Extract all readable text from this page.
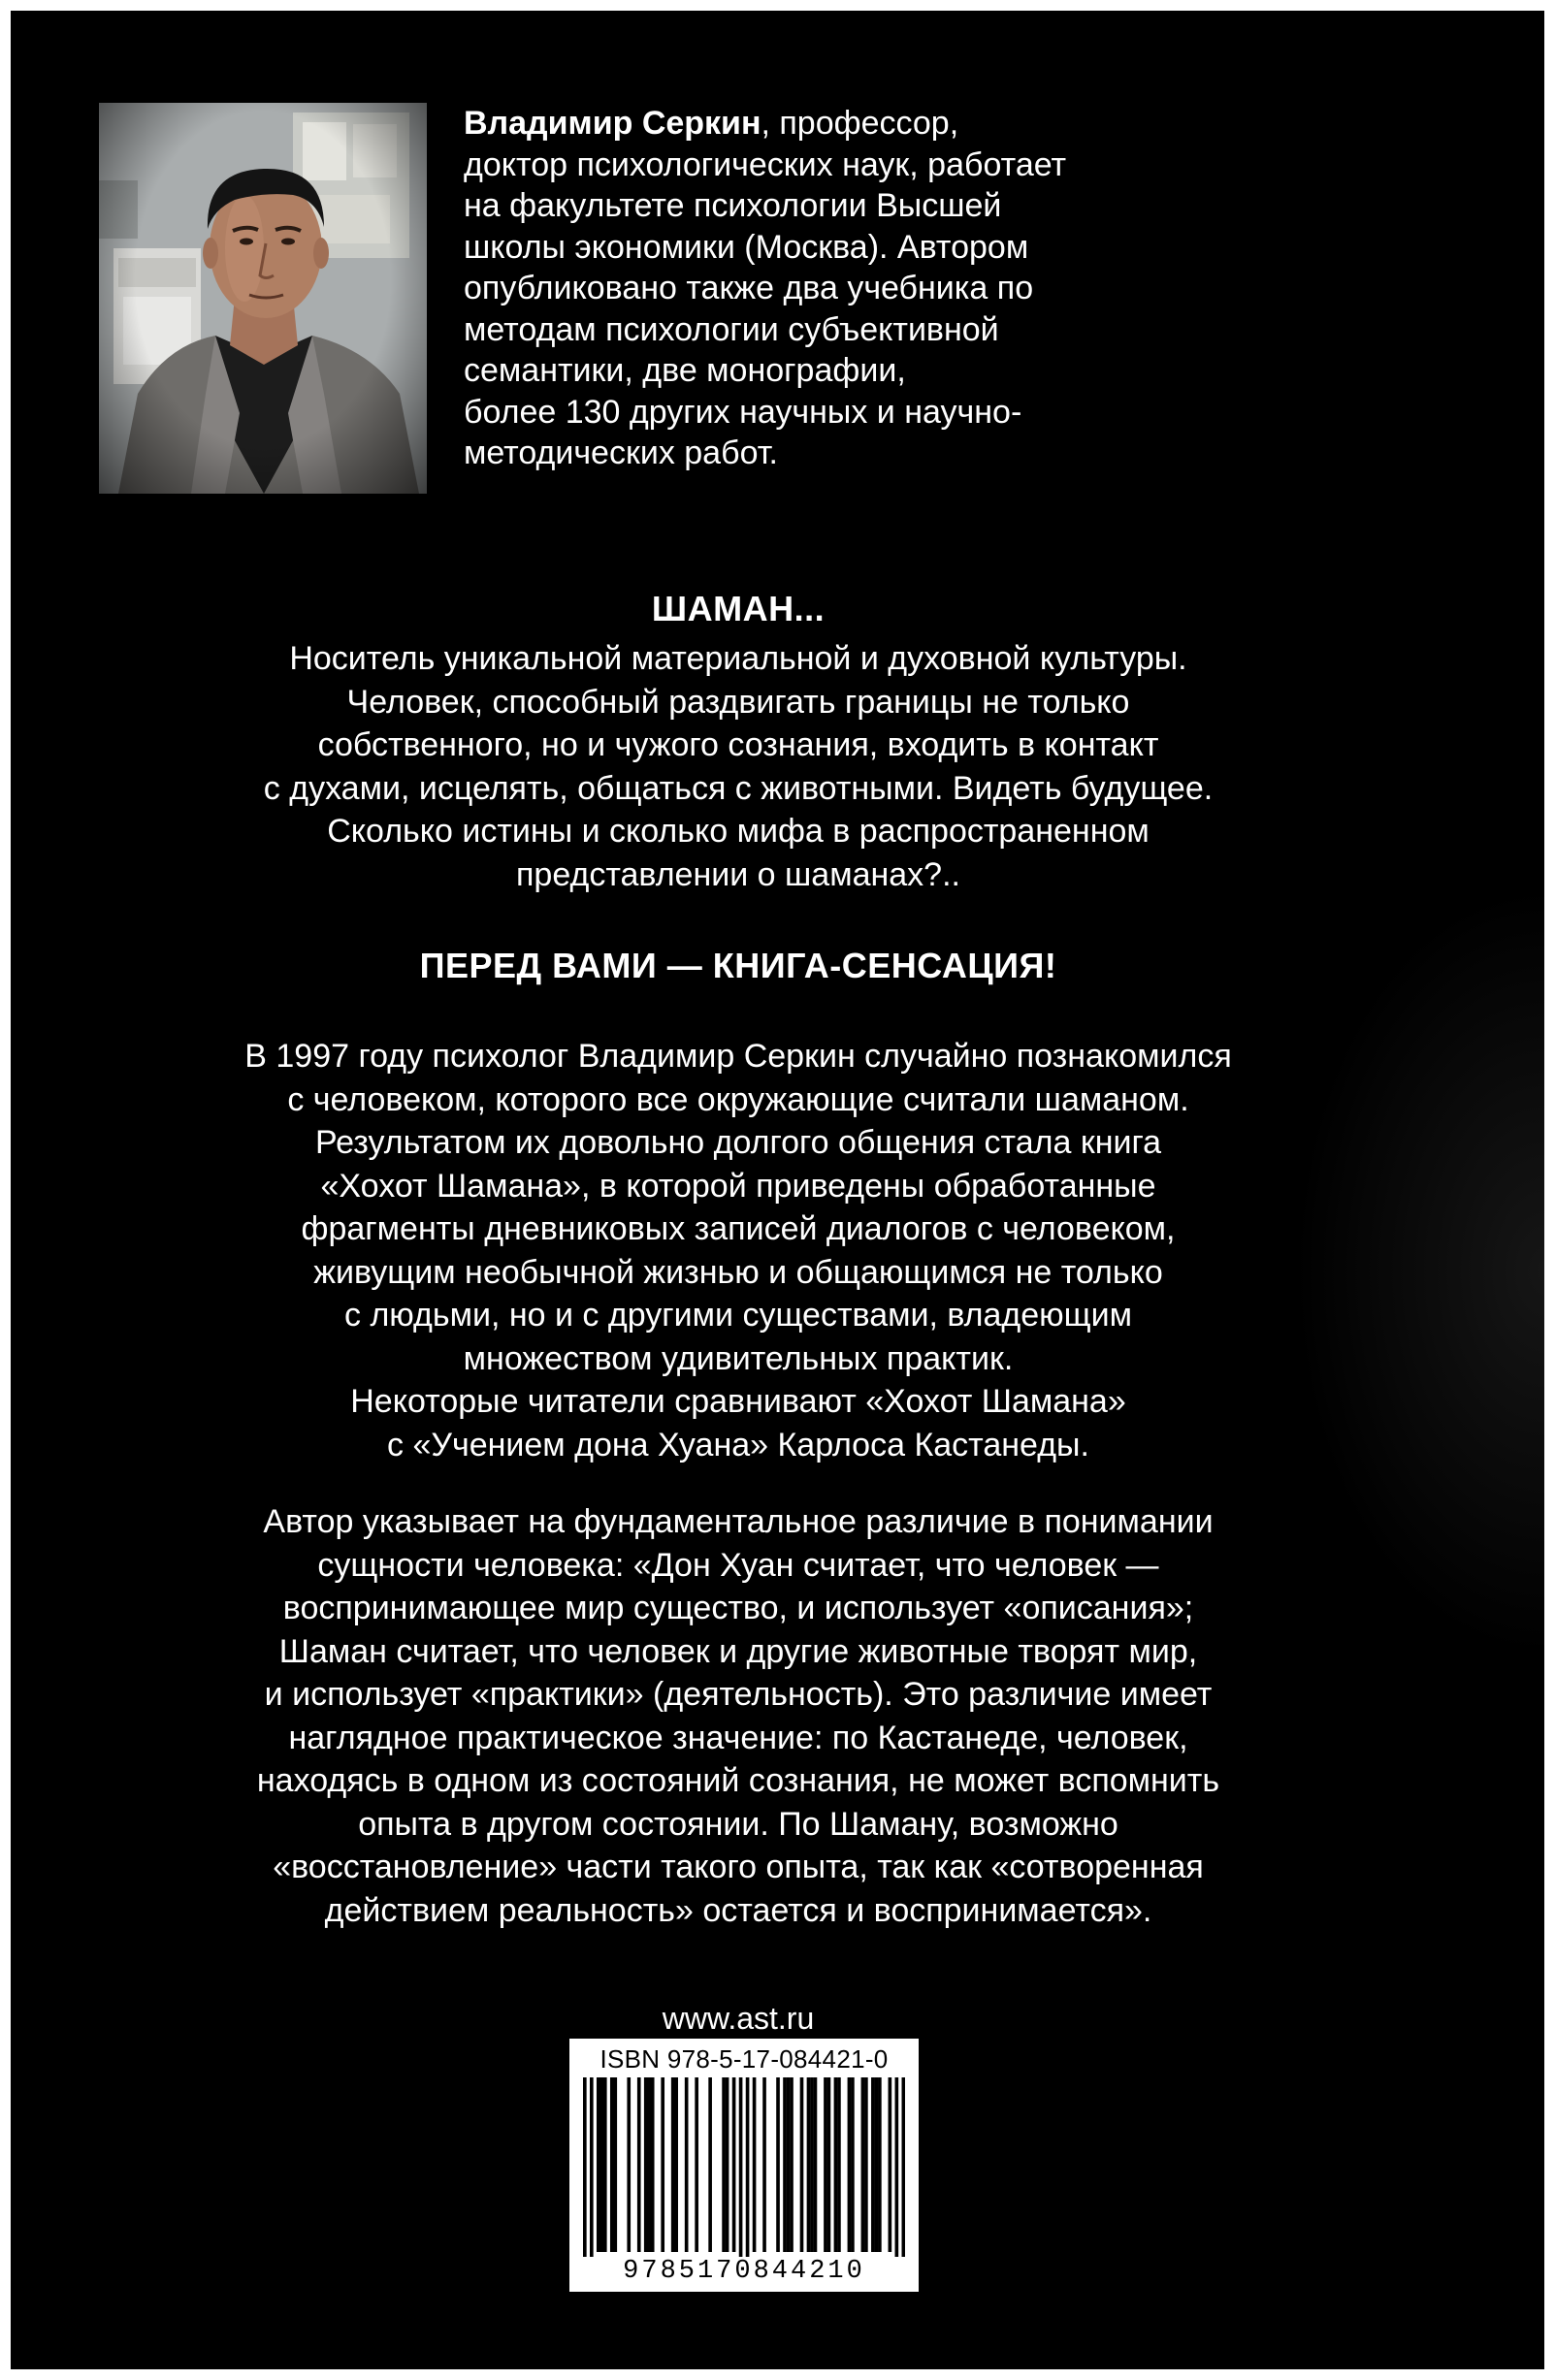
Владимир Серкин, профессор,
доктор психологических наук, работает
на факультете психологии Высшей
школы экономики (Москва). Автором
опубликовано также два учебника по
методам психологии субъективной
семантики, две монографии,
более 130 других научных и научно-
методических работ.
ШАМАН...
Носитель уникальной материальной и духовной культуры.
Человек, способный раздвигать границы не только
собственного, но и чужого сознания, входить в контакт
с духами, исцелять, общаться с животными. Видеть будущее.
Сколько истины и сколько мифа в распространенном
представлении о шаманах?..
ПЕРЕД ВАМИ — КНИГА-СЕНСАЦИЯ!
В 1997 году психолог Владимир Серкин случайно познакомился
с человеком, которого все окружающие считали шаманом.
Результатом их довольно долгого общения стала книга
«Хохот Шамана», в которой приведены обработанные
фрагменты дневниковых записей диалогов с человеком,
живущим необычной жизнью и общающимся не только
с людьми, но и с другими существами, владеющим
множеством удивительных практик.
Некоторые читатели сравнивают «Хохот Шамана»
с «Учением дона Хуана» Карлоса Кастанеды.
Автор указывает на фундаментальное различие в понимании
сущности человека: «Дон Хуан считает, что человек —
воспринимающее мир существо, и использует «описания»;
Шаман считает, что человек и другие животные творят мир,
и использует «практики» (деятельность). Это различие имеет
наглядное практическое значение: по Кастанеде, человек,
находясь в одном из состояний сознания, не может вспомнить
опыта в другом состоянии. По Шаману, возможно
«восстановление» части такого опыта, так как «сотворенная
действием реальность» остается и воспринимается».
www.ast.ru
ISBN 978-5-17-084421-0
9785170844210
